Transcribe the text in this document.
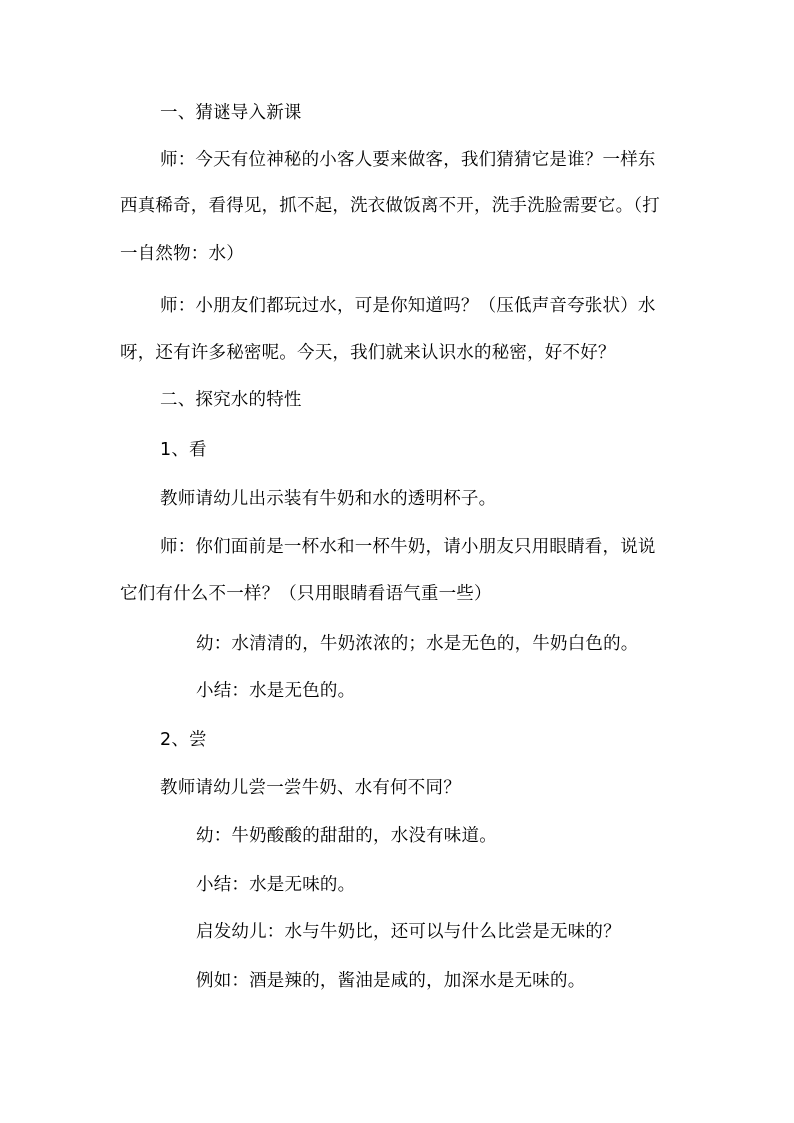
一、猜谜导入新课
师：今天有位神秘的小客人要来做客，我们猜猜它是谁？一样东
西真稀奇，看得见，抓不起，洗衣做饭离不开，洗手洗脸需要它。（打
一自然物：水）
师：小朋友们都玩过水，可是你知道吗？（压低声音夸张状）水
呀，还有许多秘密呢。今天，我们就来认识水的秘密，好不好？
二、探究水的特性
1、看
教师请幼儿出示装有牛奶和水的透明杯子。
师：你们面前是一杯水和一杯牛奶，请小朋友只用眼睛看，说说
它们有什么不一样？（只用眼睛看语气重一些）
幼：水清清的，牛奶浓浓的；水是无色的，牛奶白色的。
小结：水是无色的。
2、尝
教师请幼儿尝一尝牛奶、水有何不同？
幼：牛奶酸酸的甜甜的，水没有味道。
小结：水是无味的。
启发幼儿：水与牛奶比，还可以与什么比尝是无味的？
例如：酒是辣的，酱油是咸的，加深水是无味的。
